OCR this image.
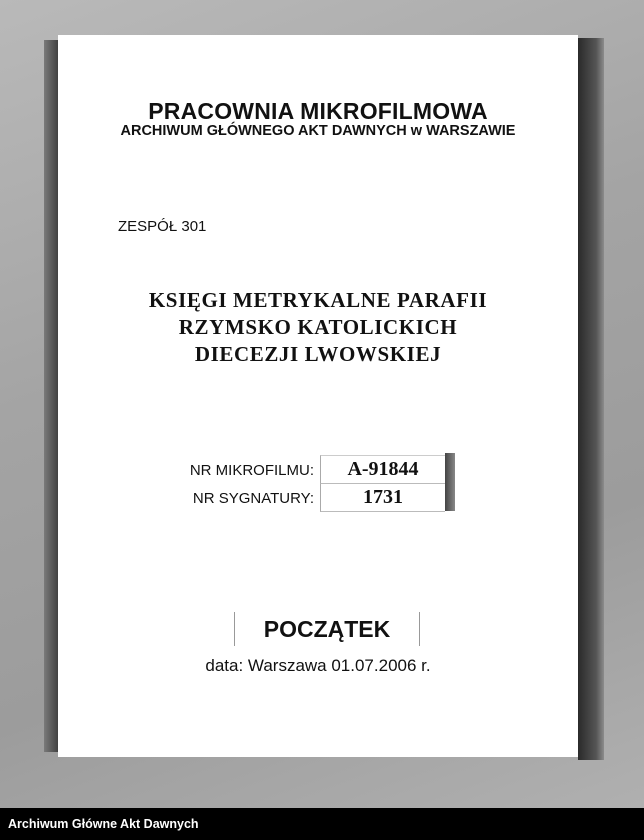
PRACOWNIA MIKROFILMOWA
ARCHIWUM GŁÓWNEGO AKT DAWNYCH w WARSZAWIE
ZESPÓŁ 301
KSIĘGI METRYKALNE PARAFII
RZYMSKO KATOLICKICH
DIECEZJI LWOWSKIEJ
NR MIKROFILMU:	A-91844
NR SYGNATURY:	1731
POCZĄTEK
data: Warszawa 01.07.2006 r.
Archiwum Główne Akt Dawnych
